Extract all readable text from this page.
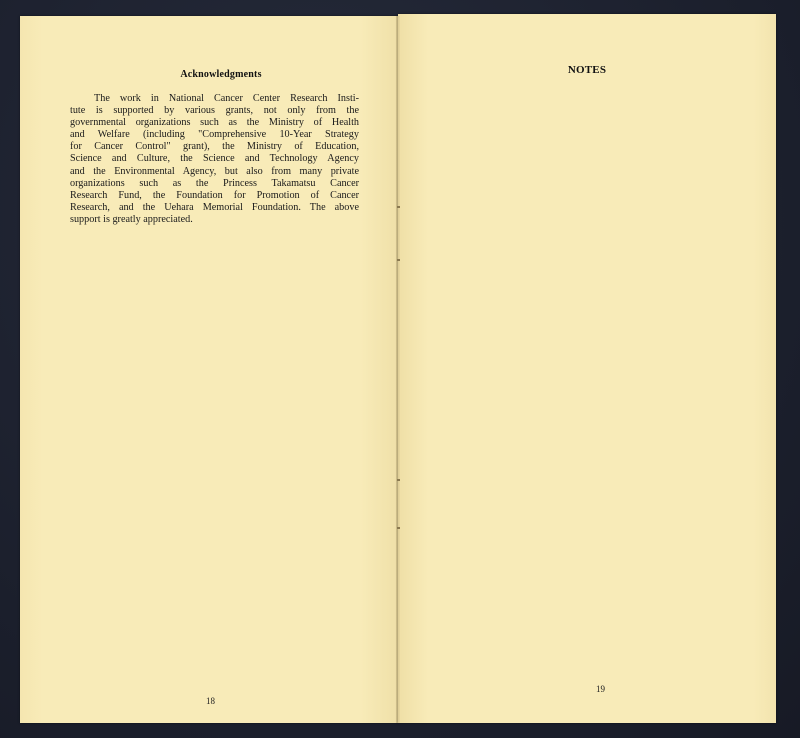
Acknowledgments
The work in National Cancer Center Research Insti-
tute is supported by various grants, not only from the
governmental organizations such as the Ministry of Health
and Welfare (including "Comprehensive 10-Year Strategy
for Cancer Control" grant), the Ministry of Education,
Science and Culture, the Science and Technology Agency
and the Environmental Agency, but also from many private
organizations such as the Princess Takamatsu Cancer
Research Fund, the Foundation for Promotion of Cancer
Research, and the Uehara Memorial Foundation. The above
support is greatly appreciated.
18
NOTES
19
